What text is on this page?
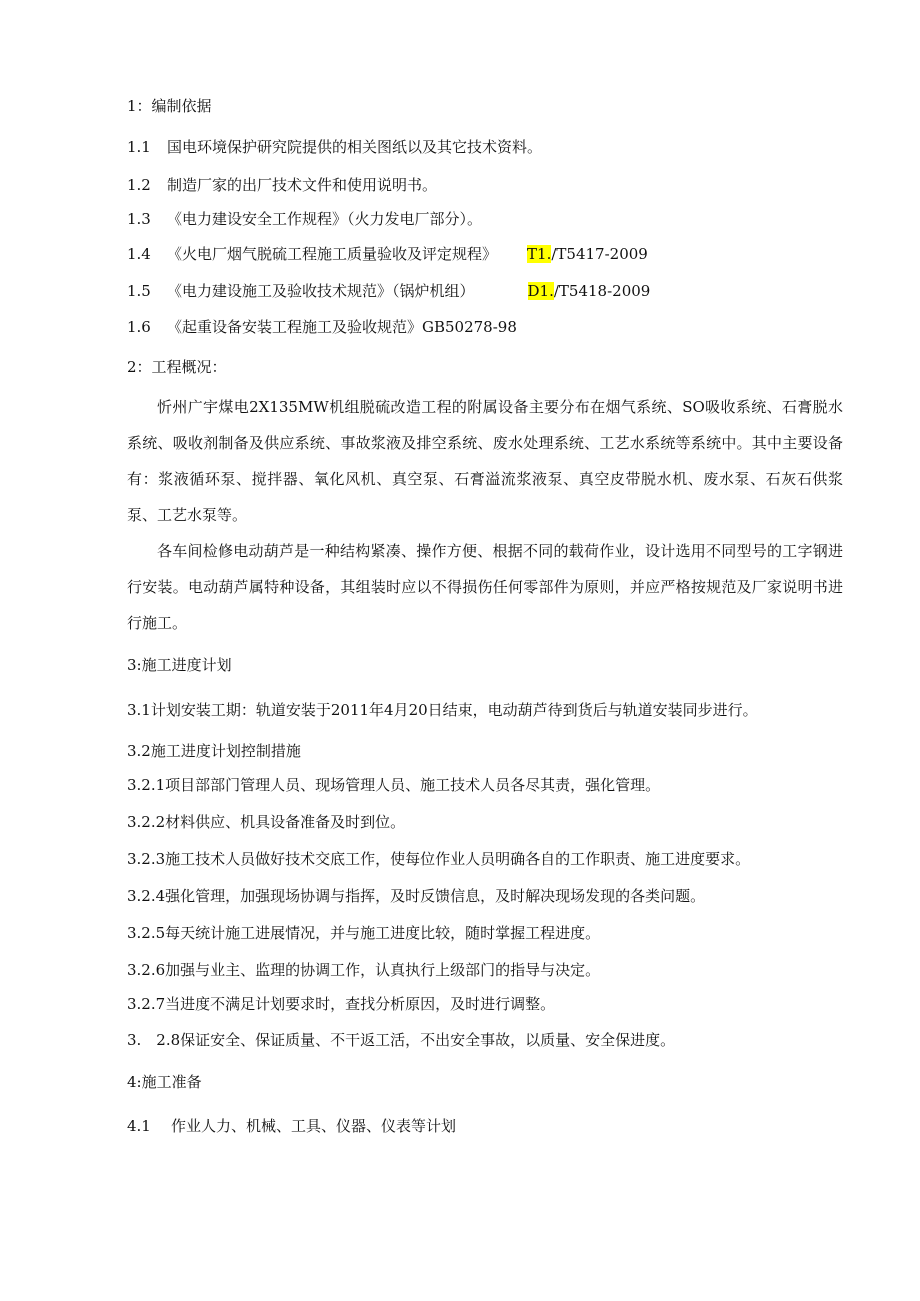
1：编制依据
1.1 国电环境保护研究院提供的相关图纸以及其它技术资料。
1.2 制造厂家的出厂技术文件和使用说明书。
1.3 《电力建设安全工作规程》（火力发电厂部分）。
1.4 《火电厂烟气脱硫工程施工质量验收及评定规程》 T1./T5417-2009
1.5 《电力建设施工及验收技术规范》（锅炉机组）	D1./T5418-2009
1.6 《起重设备安装工程施工及验收规范》GB50278-98
2：工程概况：
忻州广宇煤电2X135MW机组脱硫改造工程的附属设备主要分布在烟气系统、SO吸收系统、石膏脱水系统、吸收剂制备及供应系统、事故浆液及排空系统、废水处理系统、工艺水系统等系统中。其中主要设备有：浆液循环泵、搅拌器、氧化风机、真空泵、石膏溢流浆液泵、真空皮带脱水机、废水泵、石灰石供浆泵、工艺水泵等。
各车间检修电动葫芦是一种结构紧凑、操作方便、根据不同的载荷作业，设计选用不同型号的工字钢进行安装。电动葫芦属特种设备，其组装时应以不得损伤任何零部件为原则，并应严格按规范及厂家说明书进行施工。
3:施工进度计划
3.1计划安装工期：轨道安装于2011年4月20日结束，电动葫芦待到货后与轨道安装同步进行。
3.2施工进度计划控制措施
3.2.1项目部部门管理人员、现场管理人员、施工技术人员各尽其责，强化管理。
3.2.2材料供应、机具设备准备及时到位。
3.2.3施工技术人员做好技术交底工作，使每位作业人员明确各自的工作职责、施工进度要求。
3.2.4强化管理，加强现场协调与指挥，及时反馈信息，及时解决现场发现的各类问题。
3.2.5每天统计施工进展情况，并与施工进度比较，随时掌握工程进度。
3.2.6加强与业主、监理的协调工作，认真执行上级部门的指导与决定。
3.2.7当进度不满足计划要求时，查找分析原因，及时进行调整。
3.　2.8保证安全、保证质量、不干返工活，不出安全事故，以质量、安全保进度。
4:施工准备
4.1 作业人力、机械、工具、仪器、仪表等计划
